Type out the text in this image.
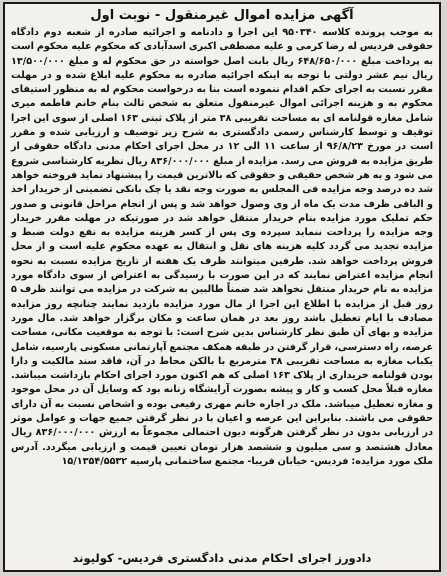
آگهی مزایده اموال غیرمنقول - نوبت اول

به موجب پرونده کلاسه ۹۵۰۳۴۰ این اجرا و دادنامه و اجرائیه صادره از شعبه دوم دادگاه حقوقی فردیس له رضا کرمی و علیه مصطفی اکبری اسدآبادی که محکوم علیه محکوم است به پرداخت مبلغ ۶۴۸/۶۵۰/۰۰۰ ریال بابت اصل خواسته در حق محکوم له و مبلغ ۱۳/۵۰۰/۰۰۰ ریال نیم عشر دولتی با توجه به اینکه اجرائیه صادره به محکوم علیه ابلاغ شده و در مهلت مقرر نسبت به اجرای حکم اقدام ننموده است بنا به درخواست محکوم له به منظور استیفای محکوم به و هزینه اجرائی اموال غیرمنقول متعلق به شخص ثالث بنام خانم فاطمه میری شامل مغازه قولنامه ای به مساحت تقریبی ۳۸ متر از پلاک ثبتی ۱۶۳ اصلی از سوی این اجرا توقیف و توسط کارشناس رسمی دادگستری به شرح زیر توصیف و ارزیابی شده و مقرر است در مورخ ۹۶/۸/۲۳ از ساعت ۱۱ الی ۱۲ در محل اجرای احکام مدنی دادگاه حقوقی از طریق مزایده به فروش می رسد. مزایده از مبلغ ۸۳۶/۰۰۰/۰۰۰ ریال نظریه کارشناسی شروع می شود و به هر شخص حقیقی و حقوقی که بالاترین قیمت را پیشنهاد نماید فروخته خواهد شد ده درصد وجه مزایده فی المجلس به صورت وجه نقد یا چک بانکی تضمینی از خریدار اخذ و الباقی ظرف مدت یک ماه از وی وصول خواهد شد و پس از انجام مراحل قانونی و صدور حکم تملیک مورد مزایده بنام خریدار منتقل خواهد شد در صورتیکه در مهلت مقرر خریدار وجه مزایده را پرداخت ننماید سپرده وی پس از کسر هزینه مزایده به نفع دولت ضبط و مزایده تجدید می گردد کلیه هزینه های نقل و انتقال به عهده محکوم علیه است و از محل فروش پرداخت خواهد شد. طرفین میتوانند ظرف یک هفته از تاریخ مزایده نسبت به نحوه انجام مزایده اعتراض نمایند که در این صورت با رسیدگی به اعتراض از سوی دادگاه مورد مزایده به نام خریدار منتقل نخواهد شد ضمناً طالبین به شرکت در مزایده می توانند ظرف ۵ روز قبل از مزایده با اطلاع این اجرا از مال مورد مزایده بازدید نمایند چنانچه روز مزایده مصادف با ایام تعطیل باشد روز بعد در همان ساعت و مکان برگزار خواهد شد. مال مورد مزایده و بهای آن طبق نظر کارشناس بدین شرح است: با توجه به موقعیت مکانی، مساحت عرصه، راه دسترسی، قرار گرفتن در طبقه همکف مجتمع آپارتمانی مسکونی پارسیه، شامل یکباب مغازه به مساحت تقریبی ۳۸ مترمربع با بالکن محاط در آن، فاقد سند مالکیت و دارا بودن قولنامه خریداری از پلاک ۱۶۳ اصلی که هم اکنون مورد اجرای احکام بازداشت میباشد. مغازه قبلاً محل کسب و کار و پیشه بصورت آرایشگاه زنانه بود که وسایل آن در محل موجود و مغازه تعطیل میباشد. ملک در اجاره خانم مهری رفیعی بوده و اشخاص نسبت به آن دارای حقوقی می باشند. بنابراین این عرصه و اعیان با در نظر گرفتن جمیع جهات و عوامل موثر در ارزیابی بدون در نظر گرفتن هرگونه دیون احتمالی مجموعاً به ارزش ۸۳۶/۰۰۰/۰۰۰ ریال معادل هشتصد و سی میلیون و ششصد هزار تومان تعیین قیمت و ارزیابی میگردد. آدرس ملک مورد مزایده: فردیس- خیابان فریبا- مجتمع ساختمانی پارسیه ۱۵/۱۳۵۴/۵۵۳۲

دادورز اجرای احکام مدنی دادگستری فردیس- کولیوند
